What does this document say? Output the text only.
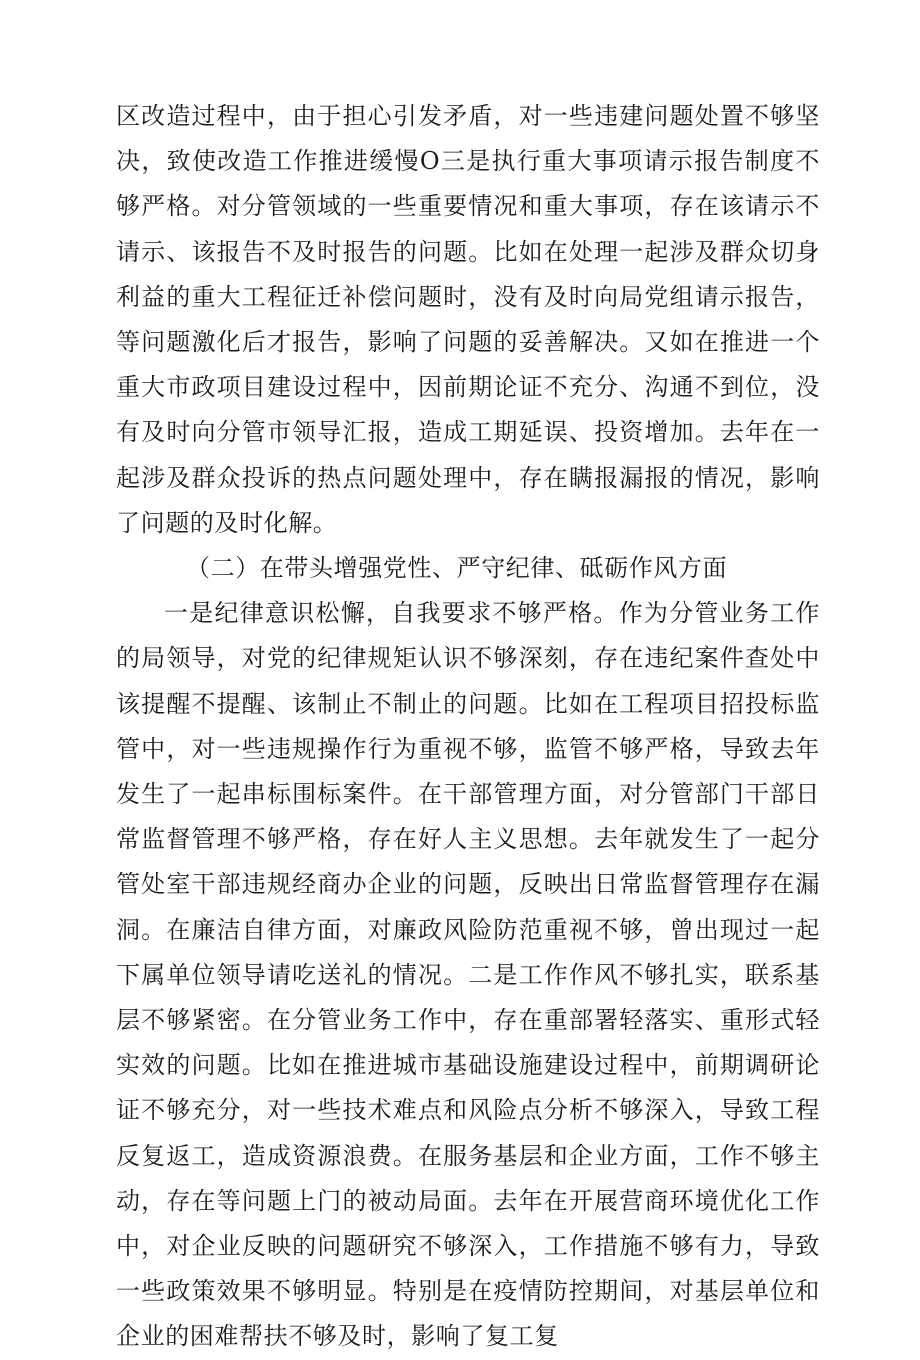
区改造过程中，由于担心引发矛盾，对一些违建问题处置不够坚决，致使改造工作推进缓慢O三是执行重大事项请示报告制度不够严格。对分管领域的一些重要情况和重大事项，存在该请示不请示、该报告不及时报告的问题。比如在处理一起涉及群众切身利益的重大工程征迁补偿问题时，没有及时向局党组请示报告，等问题激化后才报告，影响了问题的妥善解决。又如在推进一个重大市政项目建设过程中，因前期论证不充分、沟通不到位，没有及时向分管市领导汇报，造成工期延误、投资增加。去年在一起涉及群众投诉的热点问题处理中，存在瞒报漏报的情况，影响了问题的及时化解。

（二）在带头增强党性、严守纪律、砥砺作风方面

一是纪律意识松懈，自我要求不够严格。作为分管业务工作的局领导，对党的纪律规矩认识不够深刻，存在违纪案件查处中该提醒不提醒、该制止不制止的问题。比如在工程项目招投标监管中，对一些违规操作行为重视不够，监管不够严格，导致去年发生了一起串标围标案件。在干部管理方面，对分管部门干部日常监督管理不够严格，存在好人主义思想。去年就发生了一起分管处室干部违规经商办企业的问题，反映出日常监督管理存在漏洞。在廉洁自律方面，对廉政风险防范重视不够，曾出现过一起下属单位领导请吃送礼的情况。二是工作作风不够扎实，联系基层不够紧密。在分管业务工作中，存在重部署轻落实、重形式轻实效的问题。比如在推进城市基础设施建设过程中，前期调研论证不够充分，对一些技术难点和风险点分析不够深入，导致工程反复返工，造成资源浪费。在服务基层和企业方面，工作不够主动，存在等问题上门的被动局面。去年在开展营商环境优化工作中，对企业反映的问题研究不够深入，工作措施不够有力，导致一些政策效果不够明显。特别是在疫情防控期间，对基层单位和企业的困难帮扶不够及时，影响了复工复
